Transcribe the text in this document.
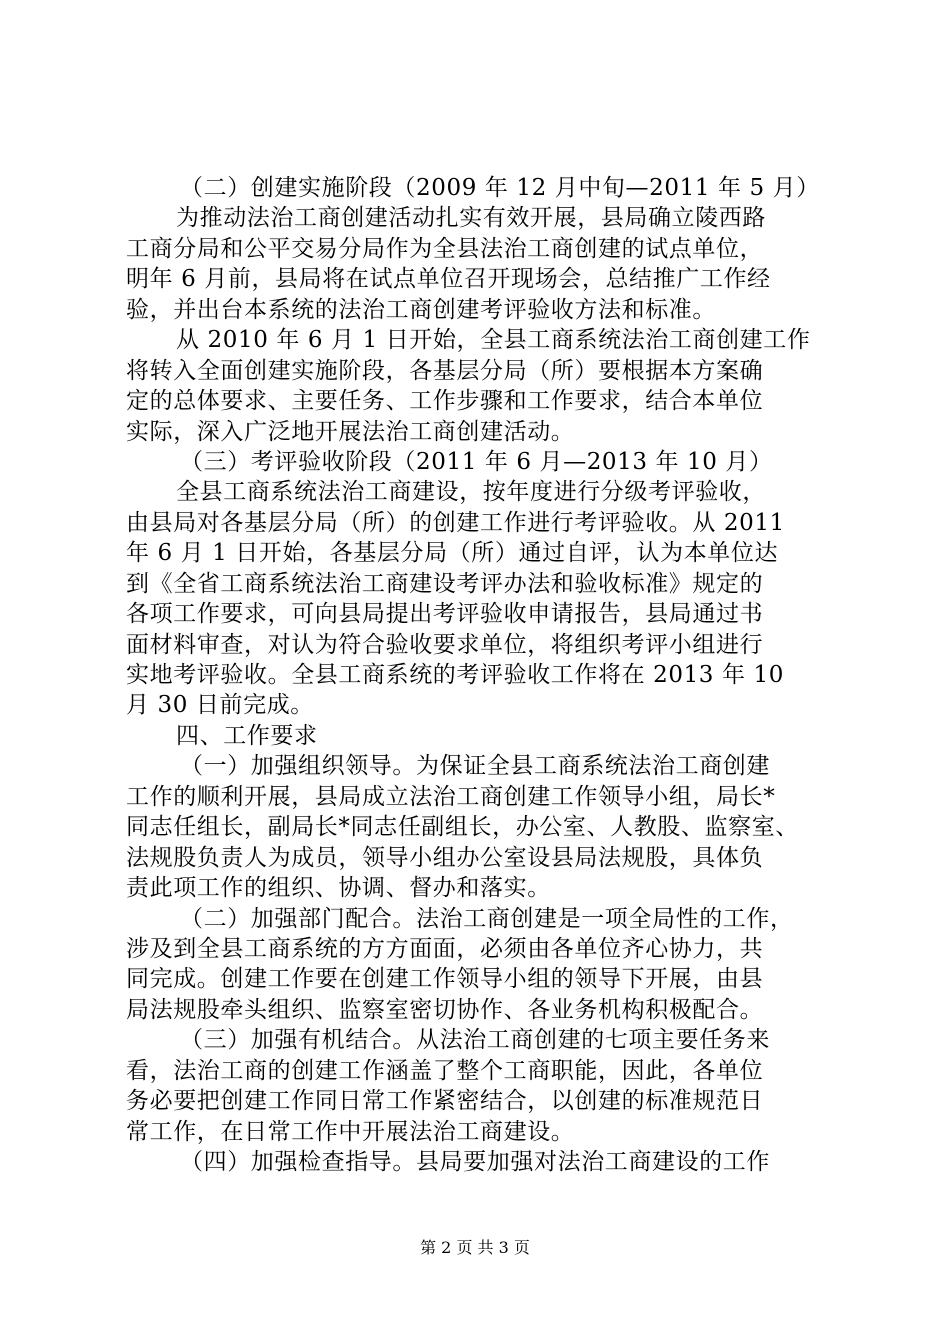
（二）创建实施阶段（2009 年 12 月中旬—2011 年 5 月）
为推动法治工商创建活动扎实有效开展，县局确立陵西路
工商分局和公平交易分局作为全县法治工商创建的试点单位，
明年 6 月前，县局将在试点单位召开现场会，总结推广工作经
验，并出台本系统的法治工商创建考评验收方法和标准。
从 2010 年 6 月 1 日开始，全县工商系统法治工商创建工作
将转入全面创建实施阶段，各基层分局（所）要根据本方案确
定的总体要求、主要任务、工作步骤和工作要求，结合本单位
实际，深入广泛地开展法治工商创建活动。
（三）考评验收阶段（2011 年 6 月—2013 年 10 月）
全县工商系统法治工商建设，按年度进行分级考评验收，
由县局对各基层分局（所）的创建工作进行考评验收。从 2011
年 6 月 1 日开始，各基层分局（所）通过自评，认为本单位达
到《全省工商系统法治工商建设考评办法和验收标准》规定的
各项工作要求，可向县局提出考评验收申请报告，县局通过书
面材料审查，对认为符合验收要求单位，将组织考评小组进行
实地考评验收。全县工商系统的考评验收工作将在 2013 年 10
月 30 日前完成。
四、工作要求
（一）加强组织领导。为保证全县工商系统法治工商创建
工作的顺利开展，县局成立法治工商创建工作领导小组，局长*
同志任组长，副局长*同志任副组长，办公室、人教股、监察室、
法规股负责人为成员，领导小组办公室设县局法规股，具体负
责此项工作的组织、协调、督办和落实。
（二）加强部门配合。法治工商创建是一项全局性的工作，
涉及到全县工商系统的方方面面，必须由各单位齐心协力，共
同完成。创建工作要在创建工作领导小组的领导下开展，由县
局法规股牵头组织、监察室密切协作、各业务机构积极配合。
（三）加强有机结合。从法治工商创建的七项主要任务来
看，法治工商的创建工作涵盖了整个工商职能，因此，各单位
务必要把创建工作同日常工作紧密结合，以创建的标准规范日
常工作，在日常工作中开展法治工商建设。
（四）加强检查指导。县局要加强对法治工商建设的工作
第 2 页 共 3 页
